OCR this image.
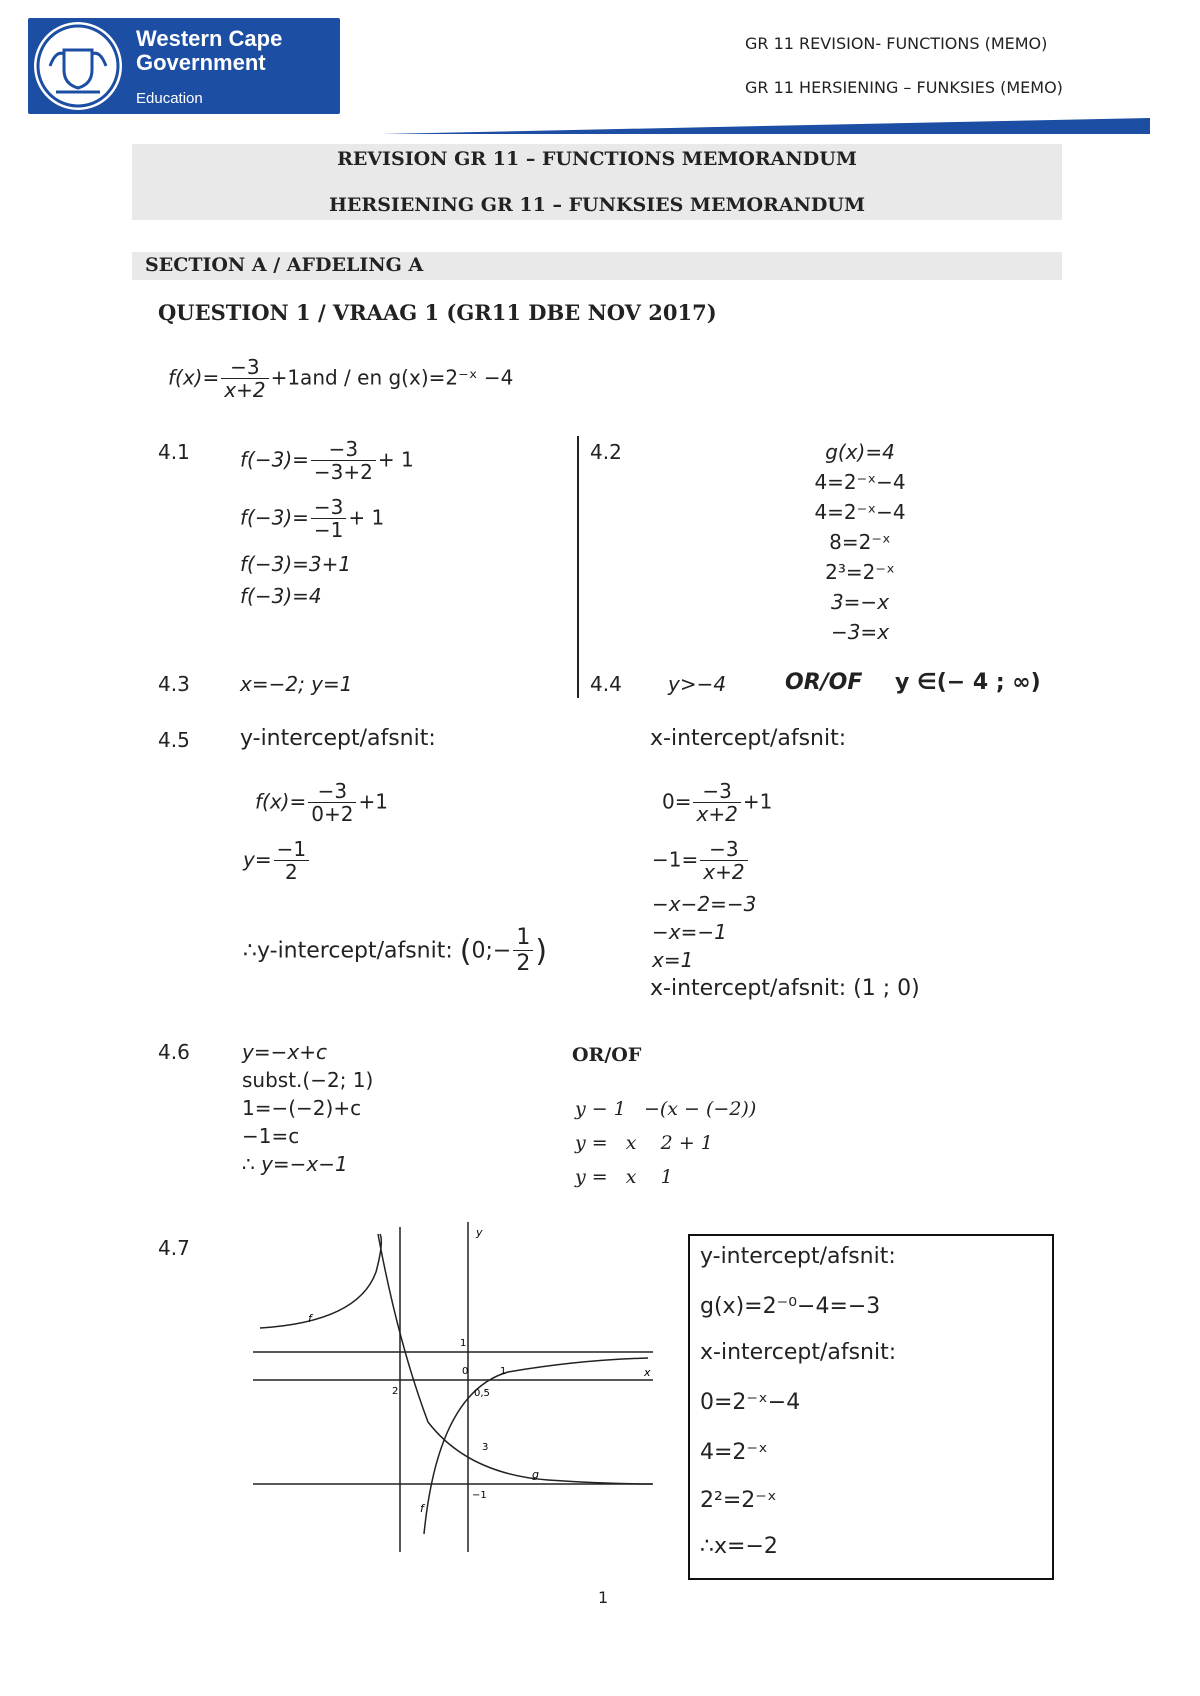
Western Cape
Government
Education
GR 11 REVISION- FUNCTIONS (MEMO)
GR 11 HERSIENING – FUNKSIES (MEMO)
REVISION GR 11 – FUNCTIONS MEMORANDUM
HERSIENING GR 11 – FUNKSIES MEMORANDUM
SECTION A / AFDELING A
QUESTION 1 / VRAAG 1 (GR11 DBE NOV 2017)
$f(x)= \frac{-3}{x+2} +1and$ / en g(x)=2⁻ˣ −4
4.1	$f(-3)= \frac{-3}{-3+2} + 1$
$f(-3)= \frac{-3}{-1} + 1$
f(−3)=3+1
f(−3)=4
4.2	g(x)=4
4=2⁻ˣ−4
4=2⁻ˣ−4
8=2⁻ˣ
2³=2⁻ˣ
3=−x
−3=x
4.3	x=−2; y=1	4.4 y>−4	OR/OF y ∈(− 4 ; ∞)
4.5 y-intercept/afsnit:	x-intercept/afsnit:
$f(x)= \frac{-3}{0+2} +1$
$y= \frac{-1}{2}$
∴y-intercept/afsnit: (0;− $\frac{1}{2}$ )
$0= \frac{-3}{x+2} +1$
$-1= \frac{-3}{x+2}$
−x−2=−3
−x=−1
x=1
x-intercept/afsnit: (1 ; 0)
4.6	y=−x+c
subst.(−2; 1)
1=−(−2)+c
−1=c
∴ y=−x−1
OR/OF
y − 1   −(x − (−2))
y =   x    2 + 1
y =   x    1
4.7
f
f
g
y
x
1
0	1
2	0,5
3
−1
y-intercept/afsnit:
g(x)=2⁻⁰−4=−3
x-intercept/afsnit:
0=2⁻ˣ−4
4=2⁻ˣ
2²=2⁻ˣ
∴x=−2
1
